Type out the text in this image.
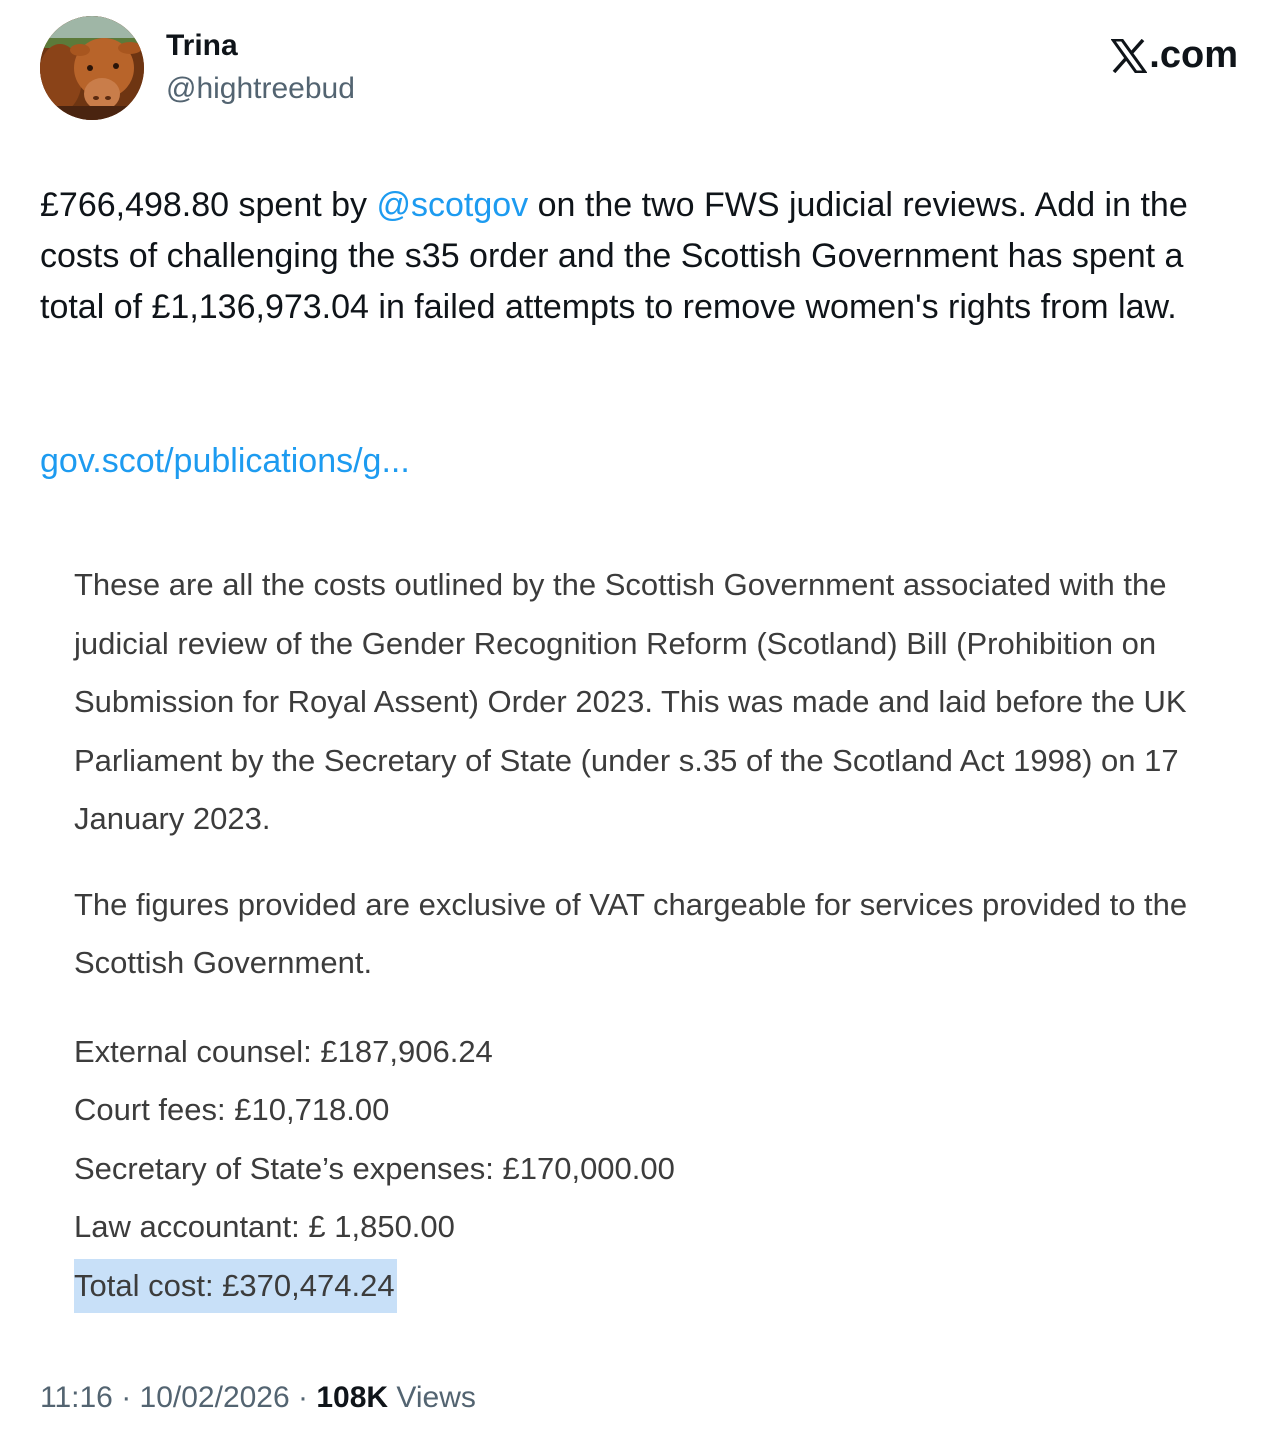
Trina
@hightreebud
.com

£766,498.80 spent by @scotgov on the two FWS judicial reviews. Add in the costs of challenging the s35 order and the Scottish Government has spent a total of £1,136,973.04 in failed attempts to remove women's rights from law.

gov.scot/publications/g...

These are all the costs outlined by the Scottish Government associated with the judicial review of the Gender Recognition Reform (Scotland) Bill (Prohibition on Submission for Royal Assent) Order 2023. This was made and laid before the UK Parliament by the Secretary of State (under s.35 of the Scotland Act 1998) on 17 January 2023.

The figures provided are exclusive of VAT chargeable for services provided to the Scottish Government.

External counsel: £187,906.24
Court fees: £10,718.00
Secretary of State’s expenses: £170,000.00
Law accountant: £ 1,850.00
Total cost: £370,474.24
11:16 · 10/02/2026 · 108K Views
